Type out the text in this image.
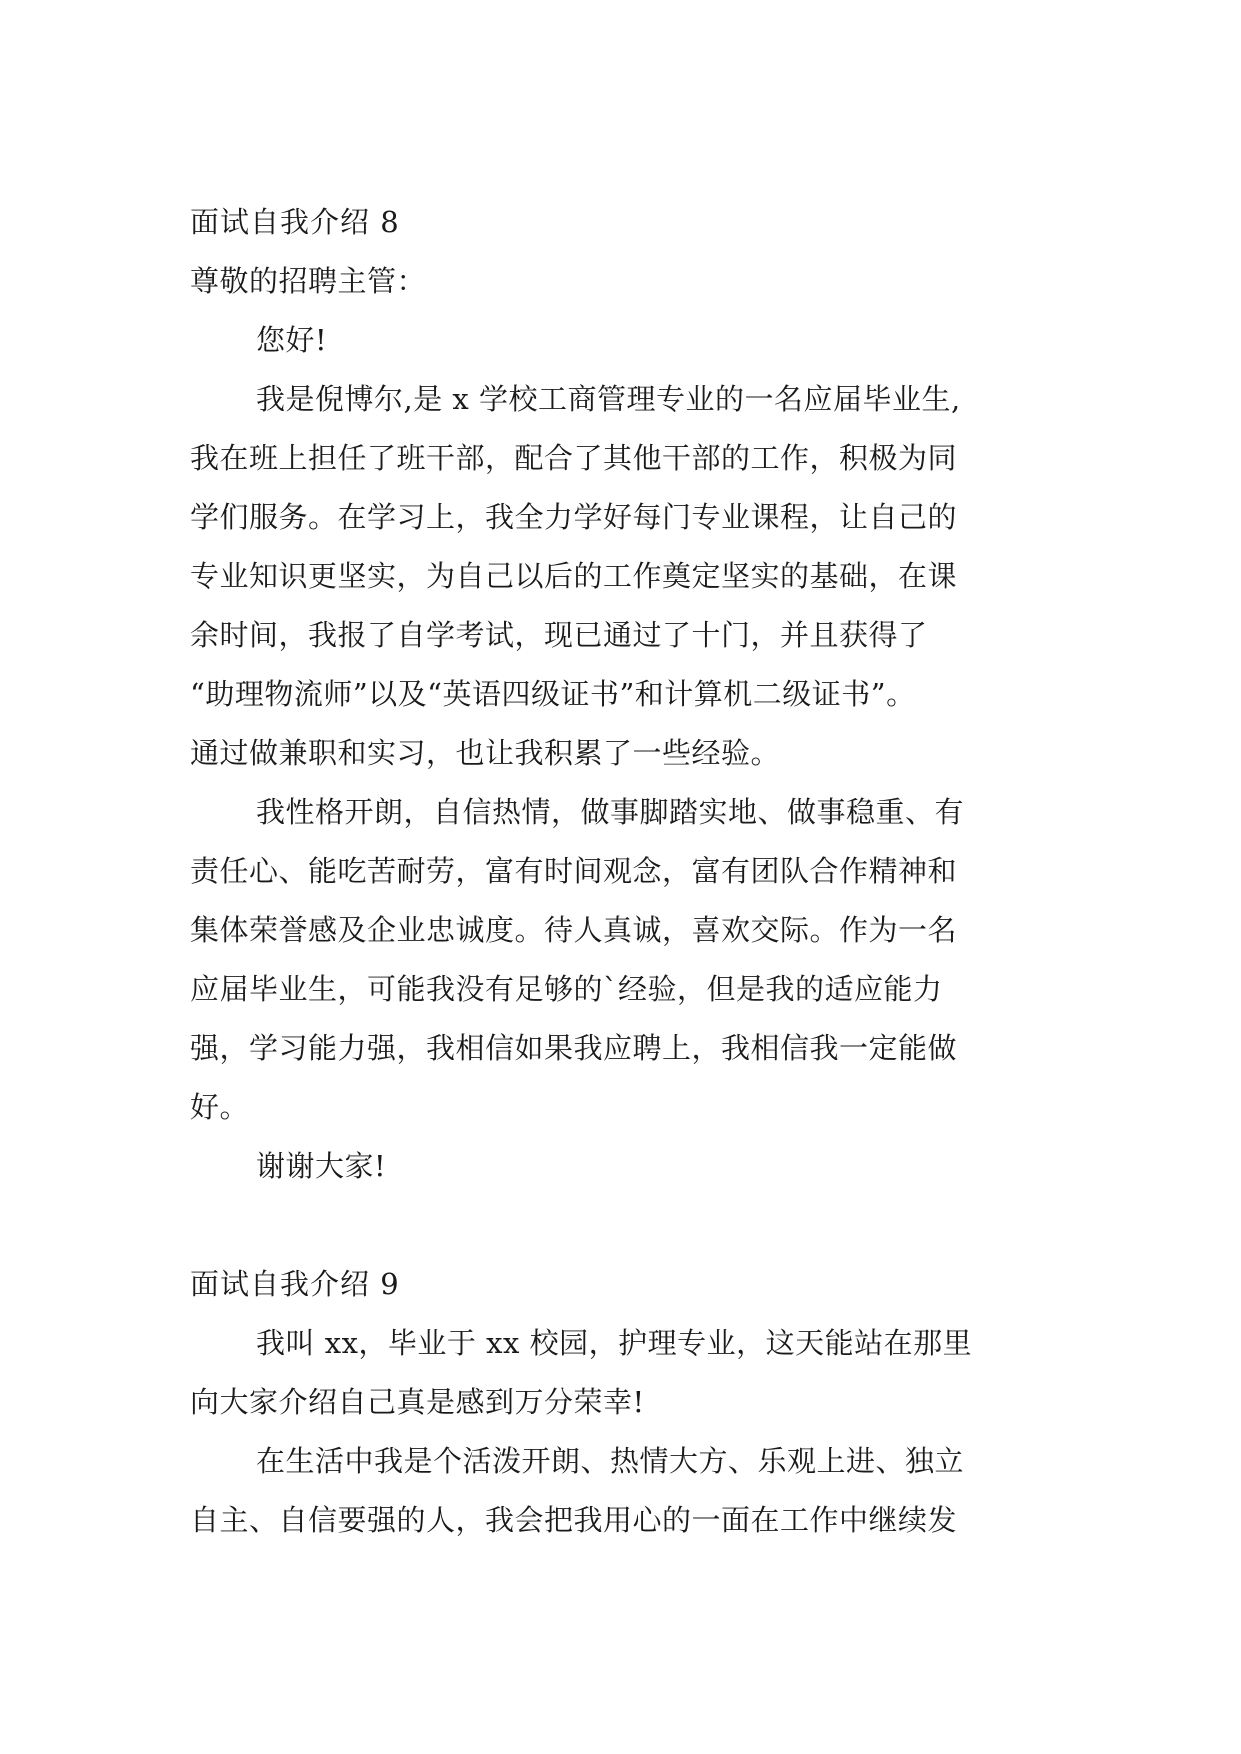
面试自我介绍 8
尊敬的招聘主管：
您好!
我是倪博尔,是 x 学校工商管理专业的一名应届毕业生,
我在班上担任了班干部，配合了其他干部的工作，积极为同
学们服务。在学习上，我全力学好每门专业课程，让自己的
专业知识更坚实，为自己以后的工作奠定坚实的基础，在课
余时间，我报了自学考试，现已通过了十门，并且获得了
“助理物流师”以及“英语四级证书”和计算机二级证书”。
通过做兼职和实习，也让我积累了一些经验。
我性格开朗，自信热情，做事脚踏实地、做事稳重、有
责任心、能吃苦耐劳，富有时间观念，富有团队合作精神和
集体荣誉感及企业忠诚度。待人真诚，喜欢交际。作为一名
应届毕业生，可能我没有足够的`经验，但是我的适应能力
强，学习能力强，我相信如果我应聘上，我相信我一定能做
好。
谢谢大家!
面试自我介绍 9
我叫 xx，毕业于 xx 校园，护理专业，这天能站在那里
向大家介绍自己真是感到万分荣幸!
在生活中我是个活泼开朗、热情大方、乐观上进、独立
自主、自信要强的人，我会把我用心的一面在工作中继续发
